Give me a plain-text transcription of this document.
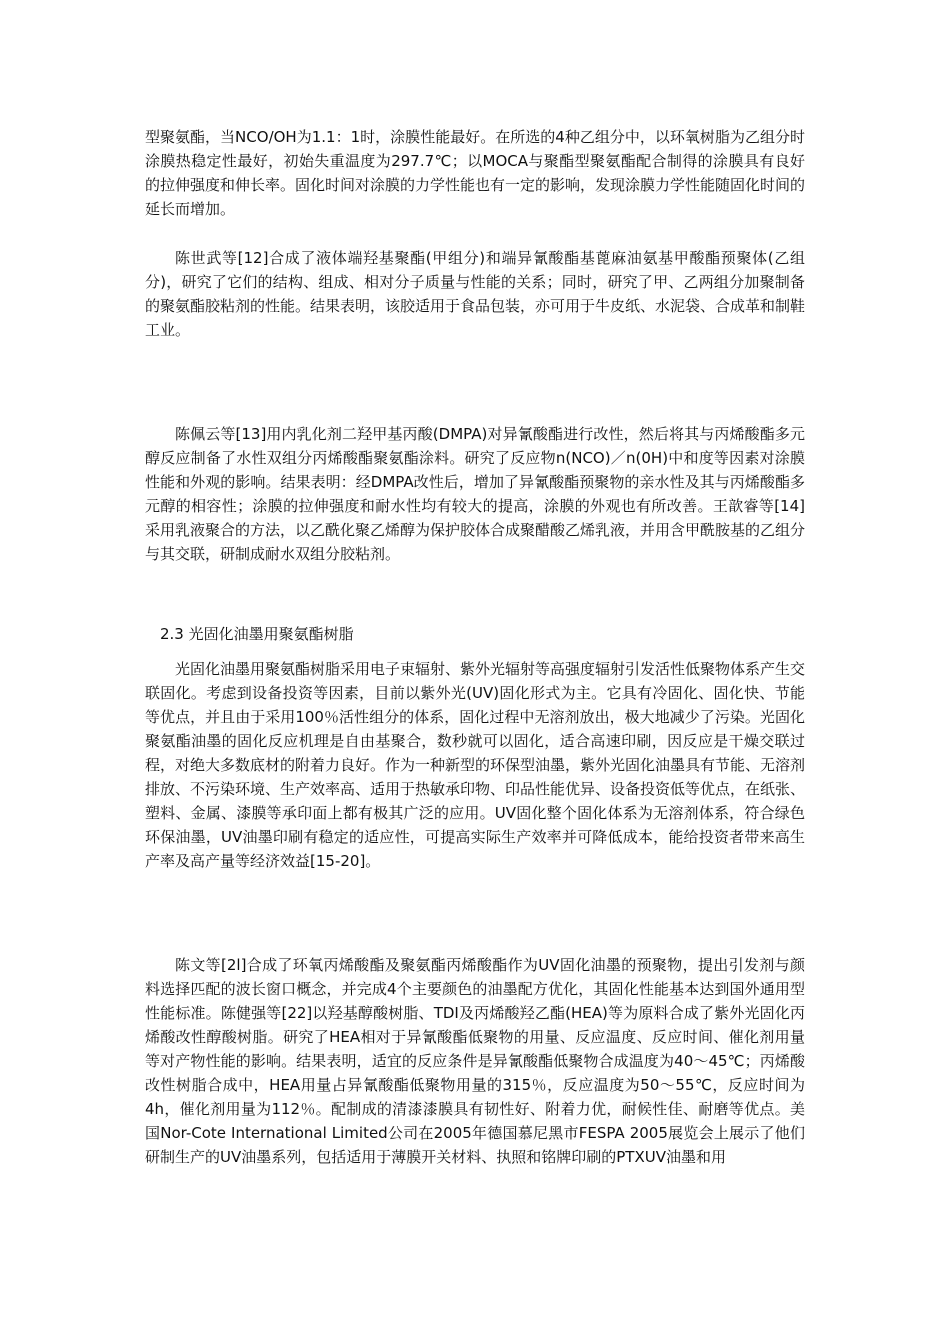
型聚氨酯，当NCO/OH为1.1：1时，涂膜性能最好。在所选的4种乙组分中，以环氧树脂为乙组分时涂膜热稳定性最好，初始失重温度为297.7℃；以MOCA与聚酯型聚氨酯配合制得的涂膜具有良好的拉伸强度和伸长率。固化时间对涂膜的力学性能也有一定的影响，发现涂膜力学性能随固化时间的延长而增加。

陈世武等[12]合成了液体端羟基聚酯(甲组分)和端异氰酸酯基蓖麻油氨基甲酸酯预聚体(乙组分)，研究了它们的结构、组成、相对分子质量与性能的关系；同时，研究了甲、乙两组分加聚制备的聚氨酯胶粘剂的性能。结果表明，该胶适用于食品包装，亦可用于牛皮纸、水泥袋、合成革和制鞋工业。

陈佩云等[13]用内乳化剂二羟甲基丙酸(DMPA)对异氰酸酯进行改性，然后将其与丙烯酸酯多元醇反应制备了水性双组分丙烯酸酯聚氨酯涂料。研究了反应物n(NCO)／n(0H)中和度等因素对涂膜性能和外观的影响。结果表明：经DMPA改性后，增加了异氰酸酯预聚物的亲水性及其与丙烯酸酯多元醇的相容性；涂膜的拉伸强度和耐水性均有较大的提高，涂膜的外观也有所改善。王歆睿等[14]采用乳液聚合的方法，以乙酰化聚乙烯醇为保护胶体合成聚醋酸乙烯乳液，并用含甲酰胺基的乙组分与其交联，研制成耐水双组分胶粘剂。

2.3 光固化油墨用聚氨酯树脂

光固化油墨用聚氨酯树脂采用电子束辐射、紫外光辐射等高强度辐射引发活性低聚物体系产生交联固化。考虑到设备投资等因素，目前以紫外光(UV)固化形式为主。它具有冷固化、固化快、节能等优点，并且由于采用100％活性组分的体系，固化过程中无溶剂放出，极大地减少了污染。光固化聚氨酯油墨的固化反应机理是自由基聚合，数秒就可以固化，适合高速印刷，因反应是干燥交联过程，对绝大多数底材的附着力良好。作为一种新型的环保型油墨，紫外光固化油墨具有节能、无溶剂排放、不污染环境、生产效率高、适用于热敏承印物、印品性能优异、设备投资低等优点，在纸张、塑料、金属、漆膜等承印面上都有极其广泛的应用。UV固化整个固化体系为无溶剂体系，符合绿色环保油墨，UV油墨印刷有稳定的适应性，可提高实际生产效率并可降低成本，能给投资者带来高生产率及高产量等经济效益[15-20]。

陈文等[2l]合成了环氧丙烯酸酯及聚氨酯丙烯酸酯作为UV固化油墨的预聚物，提出引发剂与颜料选择匹配的波长窗口概念，并完成4个主要颜色的油墨配方优化，其固化性能基本达到国外通用型性能标准。陈健强等[22]以羟基醇酸树脂、TDI及丙烯酸羟乙酯(HEA)等为原料合成了紫外光固化丙烯酸改性醇酸树脂。研究了HEA相对于异氰酸酯低聚物的用量、反应温度、反应时间、催化剂用量等对产物性能的影响。结果表明，适宜的反应条件是异氰酸酯低聚物合成温度为40～45℃；丙烯酸改性树脂合成中，HEA用量占异氰酸酯低聚物用量的315％，反应温度为50～55℃，反应时间为4h，催化剂用量为112％。配制成的清漆漆膜具有韧性好、附着力优，耐候性佳、耐磨等优点。美国Nor-Cote International Limited公司在2005年德国慕尼黑市FESPA 2005展览会上展示了他们研制生产的UV油墨系列，包括适用于薄膜开关材料、执照和铭牌印刷的PTXUV油墨和用
